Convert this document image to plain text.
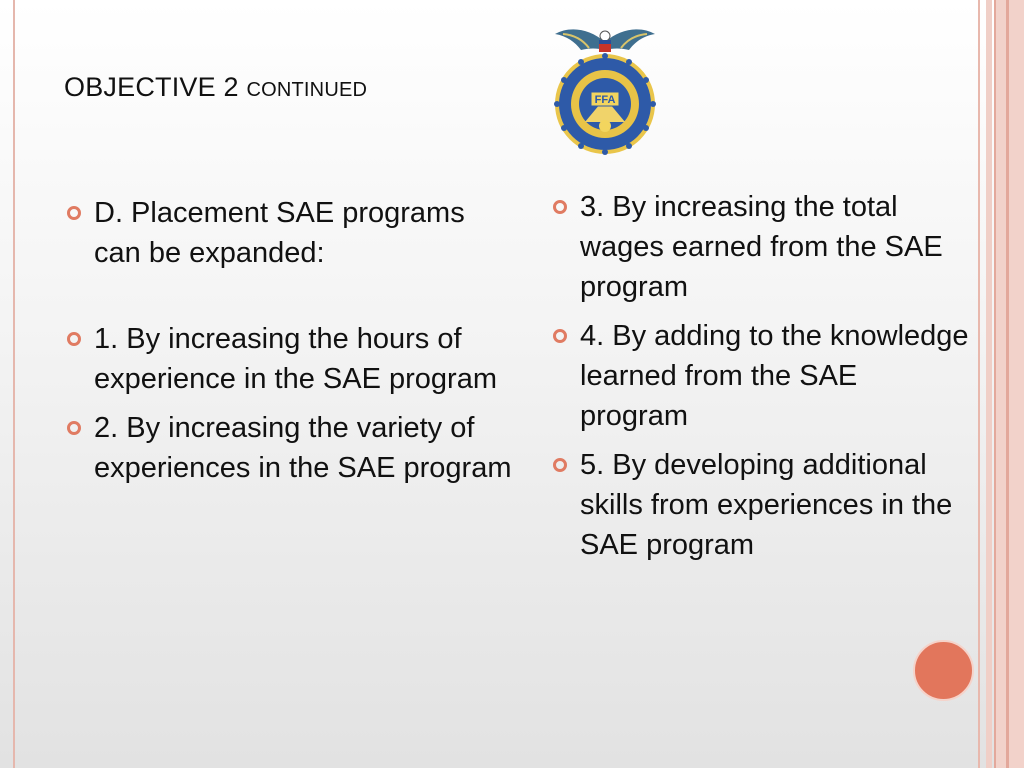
OBJECTIVE 2 CONTINUED	FFA
D. Placement SAE programs can be expanded:
1. By increasing the hours of experience in the SAE program
2. By increasing the variety of experiences in the SAE program
3. By increasing the total wages earned from the SAE program
4. By adding to the knowledge learned from the SAE program
5. By developing additional skills from experiences in the SAE program
